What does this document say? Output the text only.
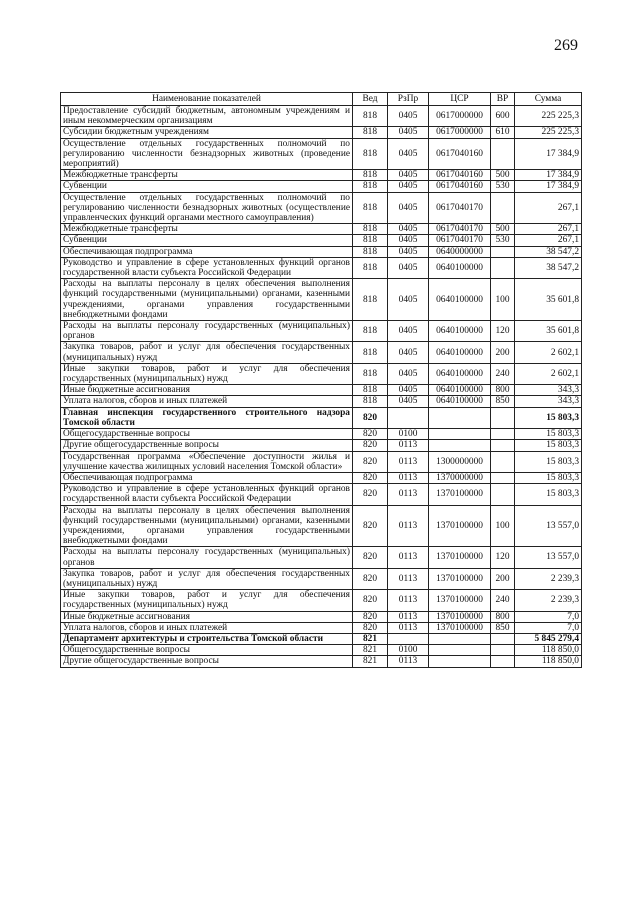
269
Наименование показателей	Вед	РзПр	ЦСР	ВР	Сумма
Предоставление субсидий бюджетным, автономным учреждениям и иным некоммерческим организациям	818	0405	0617000000	600	225 225,3
Субсидии бюджетным учреждениям	818	0405	0617000000	610	225 225,3
Осуществление отдельных государственных полномочий по регулированию численности безнадзорных животных (проведение мероприятий)	818	0405	0617040160		17 384,9
Межбюджетные трансферты	818	0405	0617040160	500	17 384,9
Субвенции	818	0405	0617040160	530	17 384,9
Осуществление отдельных государственных полномочий по регулированию численности безнадзорных животных (осуществление управленческих функций органами местного самоуправления)	818	0405	0617040170		267,1
Межбюджетные трансферты	818	0405	0617040170	500	267,1
Субвенции	818	0405	0617040170	530	267,1
Обеспечивающая подпрограмма	818	0405	0640000000		38 547,2
Руководство и управление в сфере установленных функций органов государственной власти субъекта Российской Федерации	818	0405	0640100000		38 547,2
Расходы на выплаты персоналу в целях обеспечения выполнения функций государственными (муниципальными) органами, казенными учреждениями, органами управления государственными внебюджетными фондами	818	0405	0640100000	100	35 601,8
Расходы на выплаты персоналу государственных (муниципальных) органов	818	0405	0640100000	120	35 601,8
Закупка товаров, работ и услуг для обеспечения государственных (муниципальных) нужд	818	0405	0640100000	200	2 602,1
Иные закупки товаров, работ и услуг для обеспечения государственных (муниципальных) нужд	818	0405	0640100000	240	2 602,1
Иные бюджетные ассигнования	818	0405	0640100000	800	343,3
Уплата налогов, сборов и иных платежей	818	0405	0640100000	850	343,3
Главная инспекция государственного строительного надзора Томской области	820				15 803,3
Общегосударственные вопросы	820	0100			15 803,3
Другие общегосударственные вопросы	820	0113			15 803,3
Государственная программа «Обеспечение доступности жилья и улучшение качества жилищных условий населения Томской области»	820	0113	1300000000		15 803,3
Обеспечивающая подпрограмма	820	0113	1370000000		15 803,3
Руководство и управление в сфере установленных функций органов государственной власти субъекта Российской Федерации	820	0113	1370100000		15 803,3
Расходы на выплаты персоналу в целях обеспечения выполнения функций государственными (муниципальными) органами, казенными учреждениями, органами управления государственными внебюджетными фондами	820	0113	1370100000	100	13 557,0
Расходы на выплаты персоналу государственных (муниципальных) органов	820	0113	1370100000	120	13 557,0
Закупка товаров, работ и услуг для обеспечения государственных (муниципальных) нужд	820	0113	1370100000	200	2 239,3
Иные закупки товаров, работ и услуг для обеспечения государственных (муниципальных) нужд	820	0113	1370100000	240	2 239,3
Иные бюджетные ассигнования	820	0113	1370100000	800	7,0
Уплата налогов, сборов и иных платежей	820	0113	1370100000	850	7,0
Департамент архитектуры и строительства Томской области	821				5 845 279,4
Общегосударственные вопросы	821	0100			118 850,0
Другие общегосударственные вопросы	821	0113			118 850,0
